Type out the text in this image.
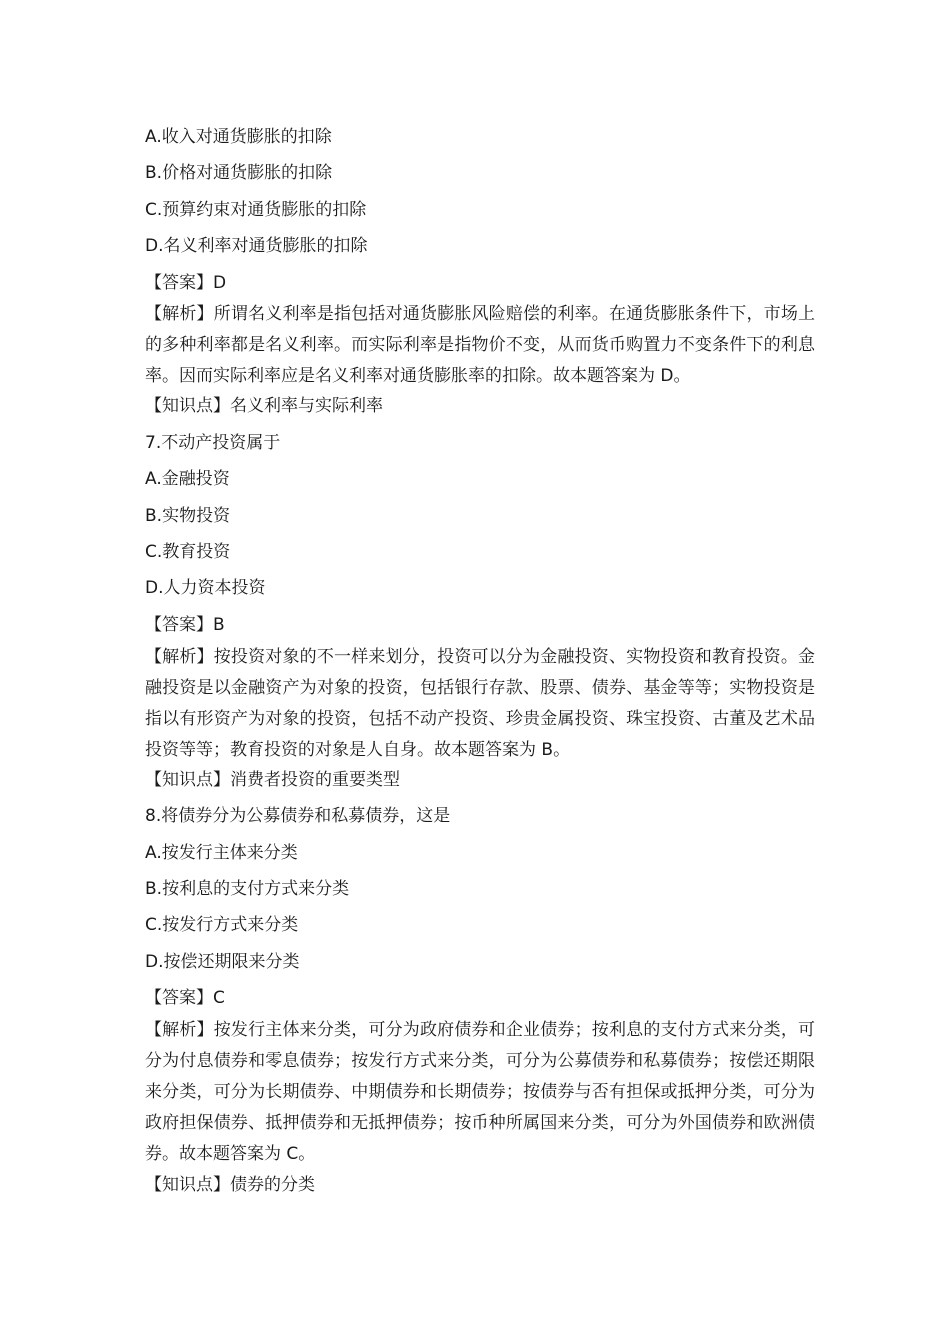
A.收入对通货膨胀的扣除
B.价格对通货膨胀的扣除
C.预算约束对通货膨胀的扣除
D.名义利率对通货膨胀的扣除
【答案】D
【解析】所谓名义利率是指包括对通货膨胀风险赔偿的利率。在通货膨胀条件下，市场上的多种利率都是名义利率。而实际利率是指物价不变，从而货币购置力不变条件下的利息率。因而实际利率应是名义利率对通货膨胀率的扣除。故本题答案为 D。
【知识点】名义利率与实际利率
7.不动产投资属于
A.金融投资
B.实物投资
C.教育投资
D.人力资本投资
【答案】B
【解析】按投资对象的不一样来划分，投资可以分为金融投资、实物投资和教育投资。金融投资是以金融资产为对象的投资，包括银行存款、股票、债券、基金等等；实物投资是指以有形资产为对象的投资，包括不动产投资、珍贵金属投资、珠宝投资、古董及艺术品投资等等；教育投资的对象是人自身。故本题答案为 B。
【知识点】消费者投资的重要类型
8.将债券分为公募债券和私募债券，这是
A.按发行主体来分类
B.按利息的支付方式来分类
C.按发行方式来分类
D.按偿还期限来分类
【答案】C
【解析】按发行主体来分类，可分为政府债券和企业债券；按利息的支付方式来分类，可分为付息债券和零息债券；按发行方式来分类，可分为公募债券和私募债券；按偿还期限来分类，可分为长期债券、中期债券和长期债券；按债券与否有担保或抵押分类，可分为政府担保债券、抵押债券和无抵押债券；按币种所属国来分类，可分为外国债券和欧洲债券。故本题答案为 C。
【知识点】债券的分类
